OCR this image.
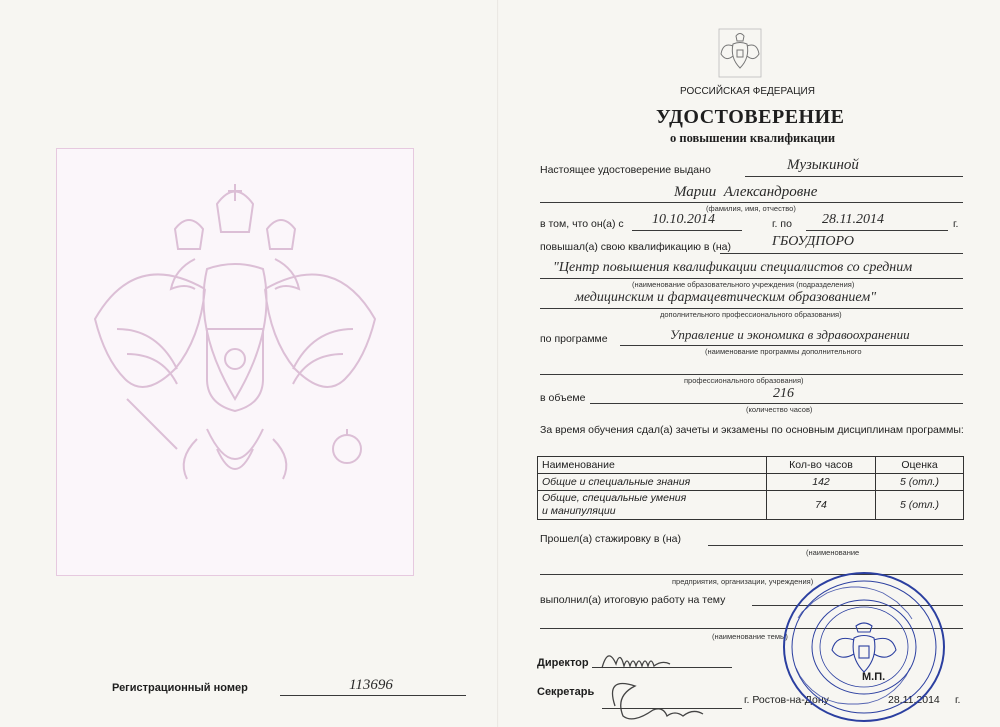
РОССИЙСКАЯ ФЕДЕРАЦИЯ
УДОСТОВЕРЕНИЕ
о повышении квалификации
Настоящее удостоверение выдано	Музыкиной
Марии  Александровне
(фамилия, имя, отчество)
в том, что он(а) с 10.10.2014	г. по 28.11.2014	г.
повышал(а) свою квалификацию в (на)	ГБОУДПОРО
"Центр повышения квалификации специалистов со средним
(наименование образовательного учреждения (подразделения)
медицинским и фармацевтическим образованием"
дополнительного профессионального образования)
по программе	Управление и экономика в здравоохранении
(наименование программы дополнительного
профессионального образования)
в объеме	216
(количество часов)
За время обучения сдал(а) зачеты и экзамены по основным дисциплинам программы:
Наименование	Кол-во часов	Оценка
Общие и специальные знания	142	5 (отл.)

Общие, специальные умения
и манипуляции	74	5 (отл.)
Прошел(а) стажировку в (на)
(наименование
предприятия, организации, учреждения)
выполнил(а) итоговую работу на тему
(наименование темы)
Директор
Секретарь
г. Ростов-на-Дону	28.11.2014 г.
М.П.
Регистрационный номер	113696
